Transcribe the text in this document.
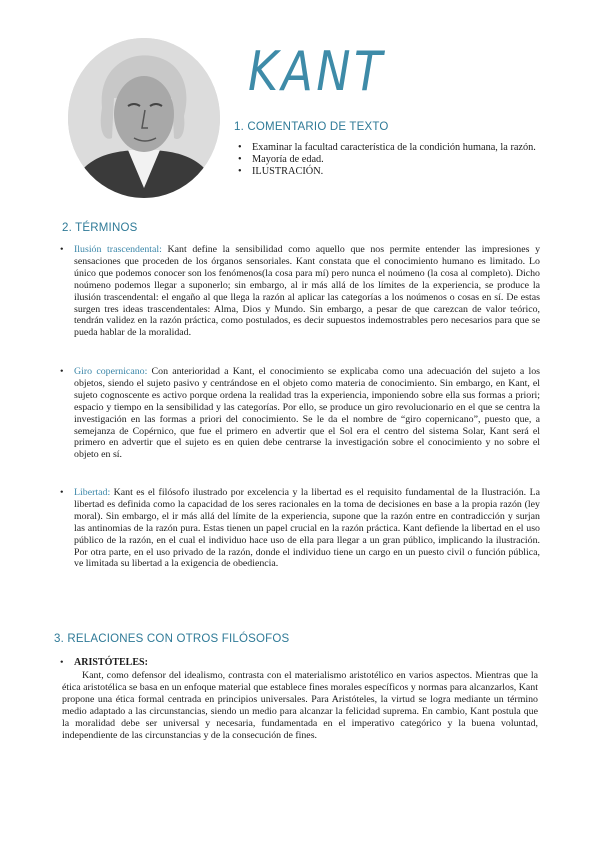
KANT
1. COMENTARIO DE TEXTO
• Examinar la facultad característica de la condición humana, la razón.
• Mayoría de edad.
• ILUSTRACIÓN.
2. TÉRMINOS
• Ilusión trascendental: Kant define la sensibilidad como aquello que nos permite entender las impresiones y sensaciones que proceden de los órganos sensoriales. Kant constata que el conocimiento humano es limitado. Lo único que podemos conocer son los fenómenos(la cosa para mí) pero nunca el noúmeno (la cosa al completo). Dicho noúmeno podemos llegar a suponerlo; sin embargo, al ir más allá de los límites de la experiencia, se produce la ilusión trascendental: el engaño al que llega la razón al aplicar las categorías a los noúmenos o cosas en sí. De estas surgen tres ideas trascendentales: Alma, Dios y Mundo. Sin embargo, a pesar de que carezcan de valor teórico, tendrán validez en la razón práctica, como postulados, es decir supuestos indemostrables pero necesarios para que se pueda hablar de la moralidad.
• Giro copernicano: Con anterioridad a Kant, el conocimiento se explicaba como una adecuación del sujeto a los objetos, siendo el sujeto pasivo y centrándose en el objeto como materia de conocimiento. Sin embargo, en Kant, el sujeto cognoscente es activo porque ordena la realidad tras la experiencia, imponiendo sobre ella sus formas a priori; espacio y tiempo en la sensibilidad y las categorías. Por ello, se produce un giro revolucionario en el que se centra la investigación en las formas a priori del conocimiento. Se le da el nombre de “giro copernicano”, puesto que, a semejanza de Copérnico, que fue el primero en advertir que el Sol era el centro del sistema Solar, Kant será el primero en advertir que el sujeto es en quien debe centrarse la investigación sobre el conocimiento y no sobre el objeto en sí.
• Libertad: Kant es el filósofo ilustrado por excelencia y la libertad es el requisito fundamental de la Ilustración. La libertad es definida como la capacidad de los seres racionales en la toma de decisiones en base a la propia razón (ley moral). Sin embargo, el ir más allá del límite de la experiencia, supone que la razón entre en contradicción y surjan las antinomias de la razón pura. Estas tienen un papel crucial en la razón práctica. Kant defiende la libertad en el uso público de la razón, en el cual el individuo hace uso de ella para llegar a un gran público, implicando la ilustración. Por otra parte, en el uso privado de la razón, donde el individuo tiene un cargo en un puesto civil o función pública, ve limitada su libertad a la exigencia de obediencia.
3. RELACIONES CON OTROS FILÓSOFOS
• ARISTÓTELES:
Kant, como defensor del idealismo, contrasta con el materialismo aristotélico en varios aspectos. Mientras que la ética aristotélica se basa en un enfoque material que establece fines morales específicos y normas para alcanzarlos, Kant propone una ética formal centrada en principios universales. Para Aristóteles, la virtud se logra mediante un término medio adaptado a las circunstancias, siendo un medio para alcanzar la felicidad suprema. En cambio, Kant postula que la moralidad debe ser universal y necesaria, fundamentada en el imperativo categórico y la buena voluntad, independiente de las circunstancias y de la consecución de fines.
